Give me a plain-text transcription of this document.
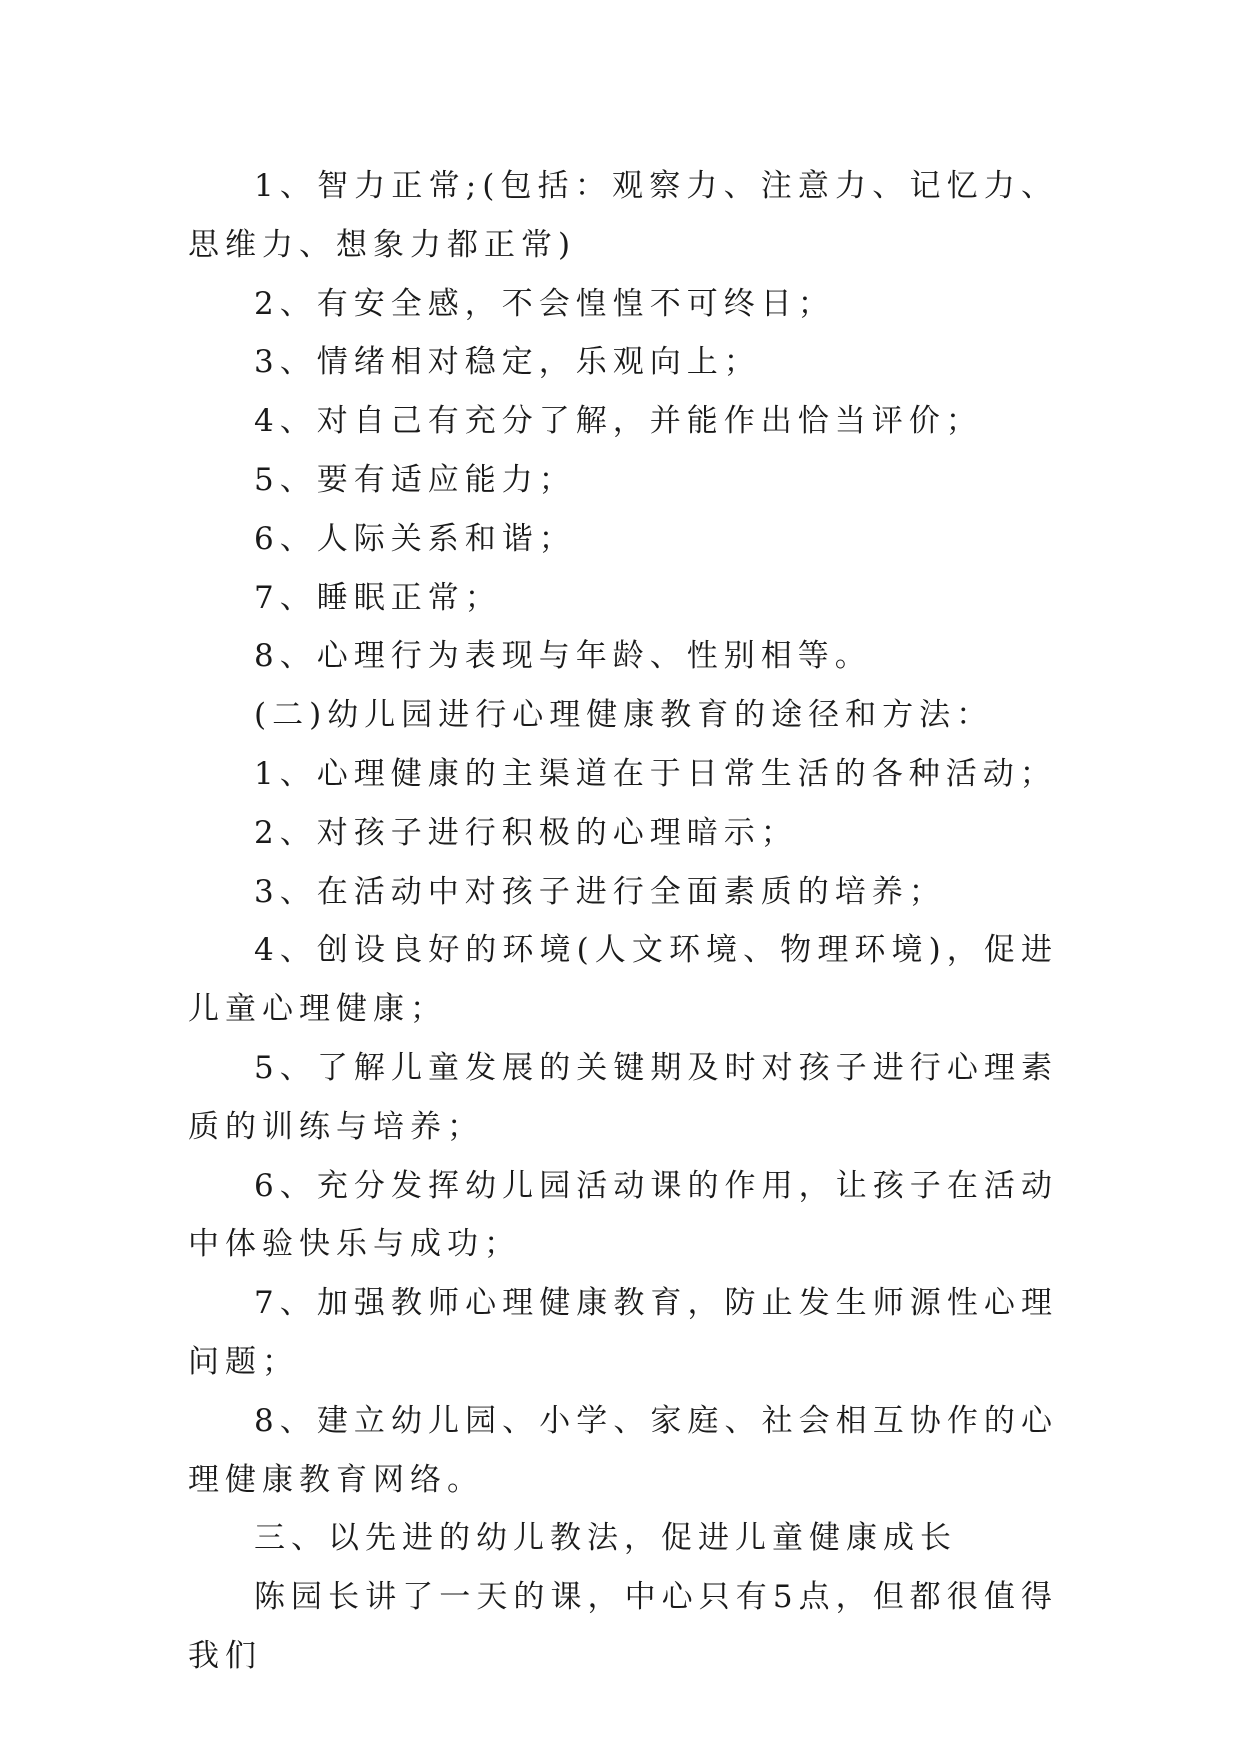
1、智力正常;(包括：观察力、注意力、记忆力、思维力、想象力都正常)

2、有安全感，不会惶惶不可终日；

3、情绪相对稳定，乐观向上；

4、对自己有充分了解，并能作出恰当评价；

5、要有适应能力；

6、人际关系和谐；

7、睡眠正常；

8、心理行为表现与年龄、性别相等。

(二)幼儿园进行心理健康教育的途径和方法：

1、心理健康的主渠道在于日常生活的各种活动；

2、对孩子进行积极的心理暗示；

3、在活动中对孩子进行全面素质的培养；

4、创设良好的环境(人文环境、物理环境)，促进儿童心理健康；

5、了解儿童发展的关键期及时对孩子进行心理素质的训练与培养；

6、充分发挥幼儿园活动课的作用，让孩子在活动中体验快乐与成功；

7、加强教师心理健康教育，防止发生师源性心理问题；

8、建立幼儿园、小学、家庭、社会相互协作的心理健康教育网络。

三、以先进的幼儿教法，促进儿童健康成长

陈园长讲了一天的课，中心只有5点，但都很值得我们
